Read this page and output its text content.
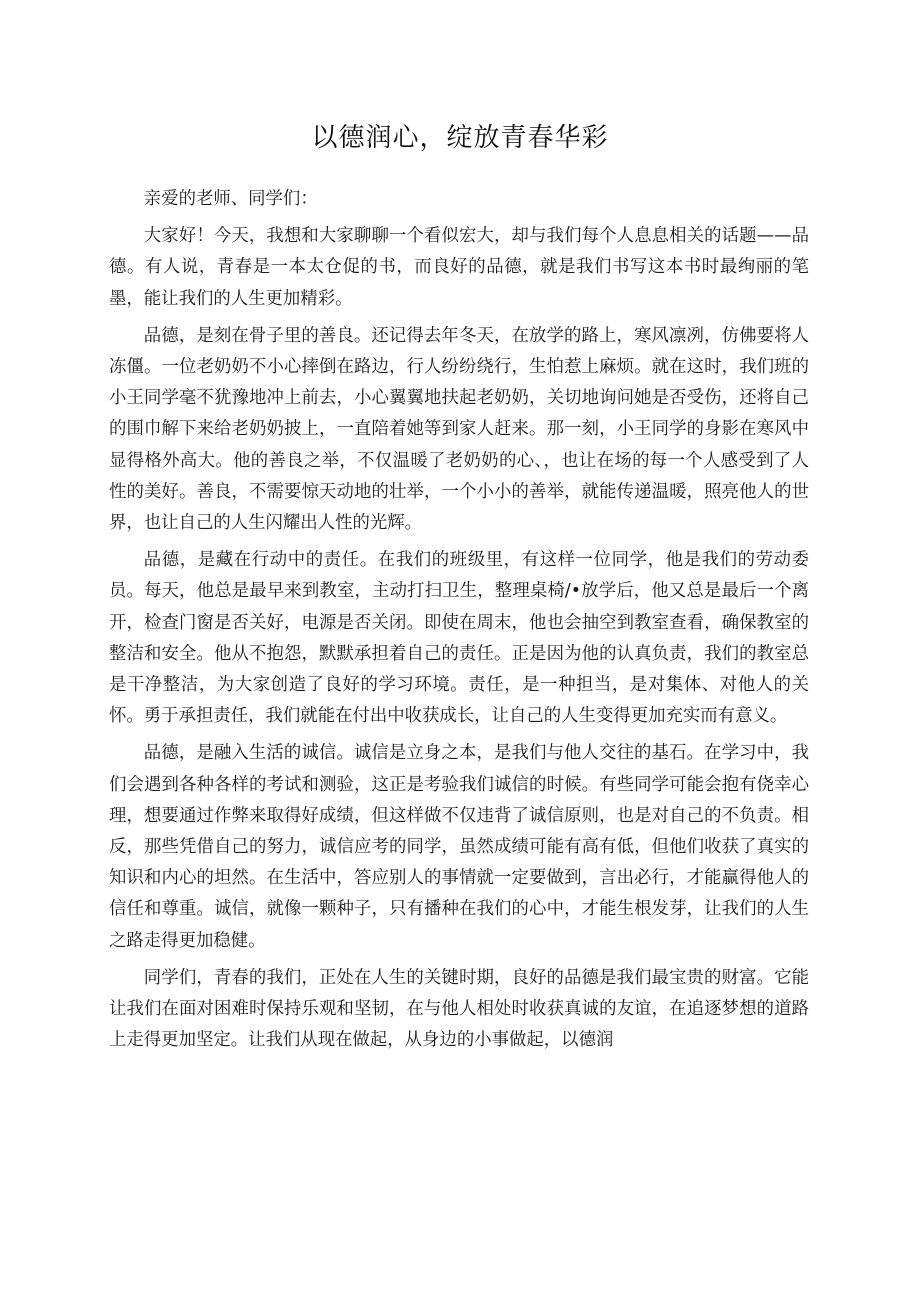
以德润心，绽放青春华彩

亲爱的老师、同学们：

大家好！今天，我想和大家聊聊一个看似宏大，却与我们每个人息息相关的话题——品德。有人说，青春是一本太仓促的书，而良好的品德，就是我们书写这本书时最绚丽的笔墨，能让我们的人生更加精彩。

品德，是刻在骨子里的善良。还记得去年冬天，在放学的路上，寒风凛冽，仿佛要将人冻僵。一位老奶奶不小心摔倒在路边，行人纷纷绕行，生怕惹上麻烦。就在这时，我们班的小王同学毫不犹豫地冲上前去，小心翼翼地扶起老奶奶，关切地询问她是否受伤，还将自己的围巾解下来给老奶奶披上，一直陪着她等到家人赶来。那一刻，小王同学的身影在寒风中显得格外高大。他的善良之举，不仅温暖了老奶奶的心、，也让在场的每一个人感受到了人性的美好。善良，不需要惊天动地的壮举，一个小小的善举，就能传递温暖，照亮他人的世界，也让自己的人生闪耀出人性的光辉。

品德，是藏在行动中的责任。在我们的班级里，有这样一位同学，他是我们的劳动委员。每天，他总是最早来到教室，主动打扫卫生，整理桌椅/•放学后，他又总是最后一个离开，检查门窗是否关好，电源是否关闭。即使在周末，他也会抽空到教室查看，确保教室的整洁和安全。他从不抱怨，默默承担着自己的责任。正是因为他的认真负责，我们的教室总是干净整洁，为大家创造了良好的学习环境。责任，是一种担当，是对集体、对他人的关怀。勇于承担责任，我们就能在付出中收获成长，让自己的人生变得更加充实而有意义。

品德，是融入生活的诚信。诚信是立身之本，是我们与他人交往的基石。在学习中，我们会遇到各种各样的考试和测验，这正是考验我们诚信的时候。有些同学可能会抱有侥幸心理，想要通过作弊来取得好成绩，但这样做不仅违背了诚信原则，也是对自己的不负责。相反，那些凭借自己的努力，诚信应考的同学，虽然成绩可能有高有低，但他们收获了真实的知识和内心的坦然。在生活中，答应别人的事情就一定要做到，言出必行，才能赢得他人的信任和尊重。诚信，就像一颗种子，只有播种在我们的心中，才能生根发芽，让我们的人生之路走得更加稳健。

同学们，青春的我们，正处在人生的关键时期，良好的品德是我们最宝贵的财富。它能让我们在面对困难时保持乐观和坚韧，在与他人相处时收获真诚的友谊，在追逐梦想的道路上走得更加坚定。让我们从现在做起，从身边的小事做起，以德润
